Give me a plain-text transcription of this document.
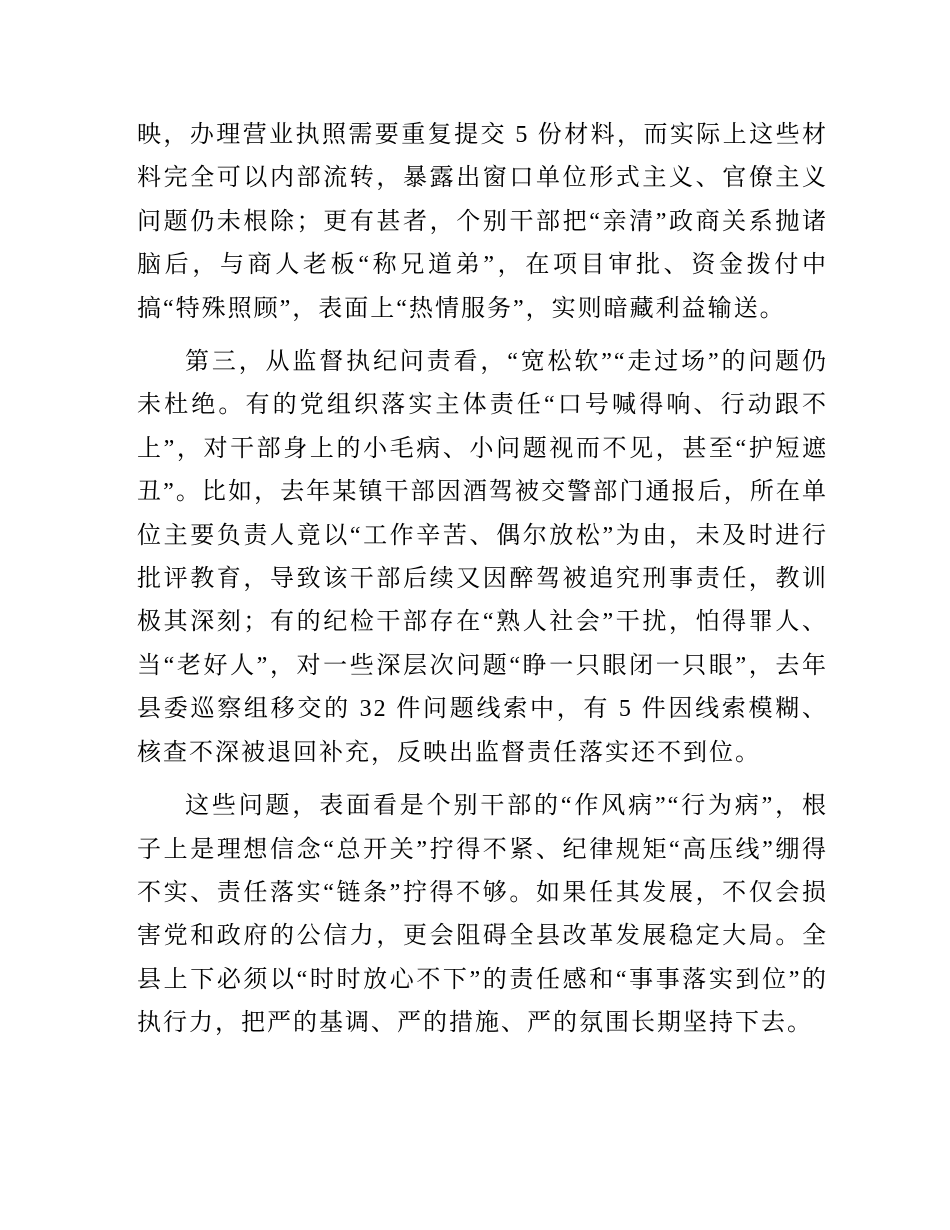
映，办理营业执照需要重复提交 5 份材料，而实际上这些材料完全可以内部流转，暴露出窗口单位形式主义、官僚主义问题仍未根除；更有甚者，个别干部把“亲清”政商关系抛诸脑后，与商人老板“称兄道弟”，在项目审批、资金拨付中搞“特殊照顾”，表面上“热情服务”，实则暗藏利益输送。

第三，从监督执纪问责看，“宽松软”“走过场”的问题仍未杜绝。有的党组织落实主体责任“口号喊得响、行动跟不上”，对干部身上的小毛病、小问题视而不见，甚至“护短遮丑”。比如，去年某镇干部因酒驾被交警部门通报后，所在单位主要负责人竟以“工作辛苦、偶尔放松”为由，未及时进行批评教育，导致该干部后续又因醉驾被追究刑事责任，教训极其深刻；有的纪检干部存在“熟人社会”干扰，怕得罪人、当“老好人”，对一些深层次问题“睁一只眼闭一只眼”，去年县委巡察组移交的 32 件问题线索中，有 5 件因线索模糊、核查不深被退回补充，反映出监督责任落实还不到位。

这些问题，表面看是个别干部的“作风病”“行为病”，根子上是理想信念“总开关”拧得不紧、纪律规矩“高压线”绷得不实、责任落实“链条”拧得不够。如果任其发展，不仅会损害党和政府的公信力，更会阻碍全县改革发展稳定大局。全县上下必须以“时时放心不下”的责任感和“事事落实到位”的执行力，把严的基调、严的措施、严的氛围长期坚持下去。
